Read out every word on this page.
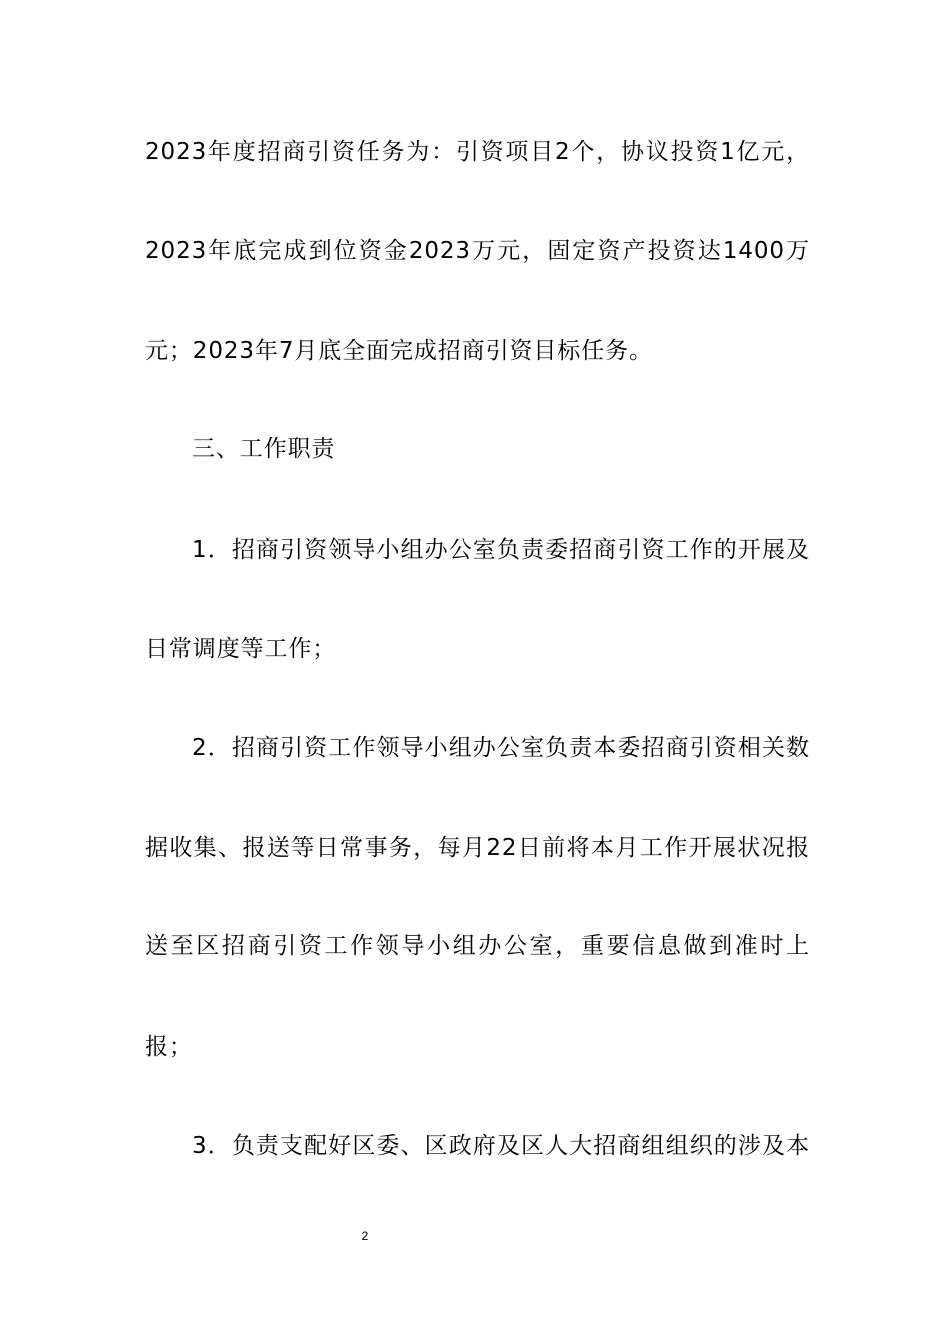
2023年度招商引资任务为：引资项目2个，协议投资1亿元，
2023年底完成到位资金2023万元，固定资产投资达1400万
元；2023年7月底全面完成招商引资目标任务。
三、工作职责
1．招商引资领导小组办公室负责委招商引资工作的开展及
日常调度等工作；
2．招商引资工作领导小组办公室负责本委招商引资相关数
据收集、报送等日常事务，每月22日前将本月工作开展状况报
送至区招商引资工作领导小组办公室，重要信息做到准时上
报；
3．负责支配好区委、区政府及区人大招商组组织的涉及本
2
